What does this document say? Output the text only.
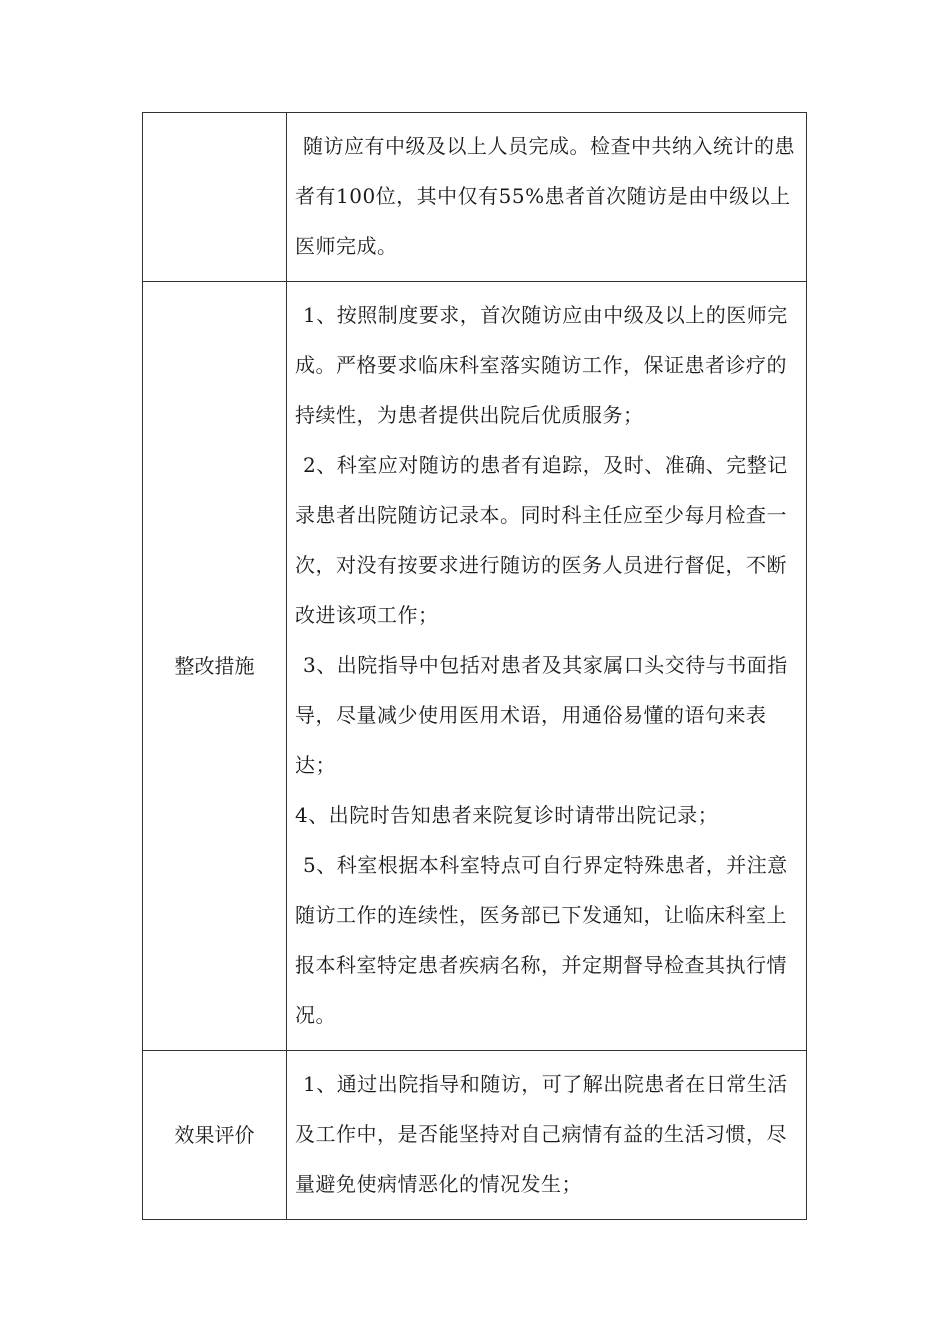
	随访应有中级及以上人员完成。检查中共纳入统计的患者有100位，其中仅有55%患者首次随访是由中级以上医师完成。

整改措施	1、按照制度要求，首次随访应由中级及以上的医师完成。严格要求临床科室落实随访工作，保证患者诊疗的持续性，为患者提供出院后优质服务；

2、科室应对随访的患者有追踪，及时、准确、完整记录患者出院随访记录本。同时科主任应至少每月检查一次，对没有按要求进行随访的医务人员进行督促，不断改进该项工作；

3、出院指导中包括对患者及其家属口头交待与书面指导，尽量减少使用医用术语，用通俗易懂的语句来表达；

4、出院时告知患者来院复诊时请带出院记录；

5、科室根据本科室特点可自行界定特殊患者，并注意随访工作的连续性，医务部已下发通知，让临床科室上报本科室特定患者疾病名称，并定期督导检查其执行情况。

效果评价	1、通过出院指导和随访，可了解出院患者在日常生活及工作中，是否能坚持对自己病情有益的生活习惯，尽量避免使病情恶化的情况发生；
